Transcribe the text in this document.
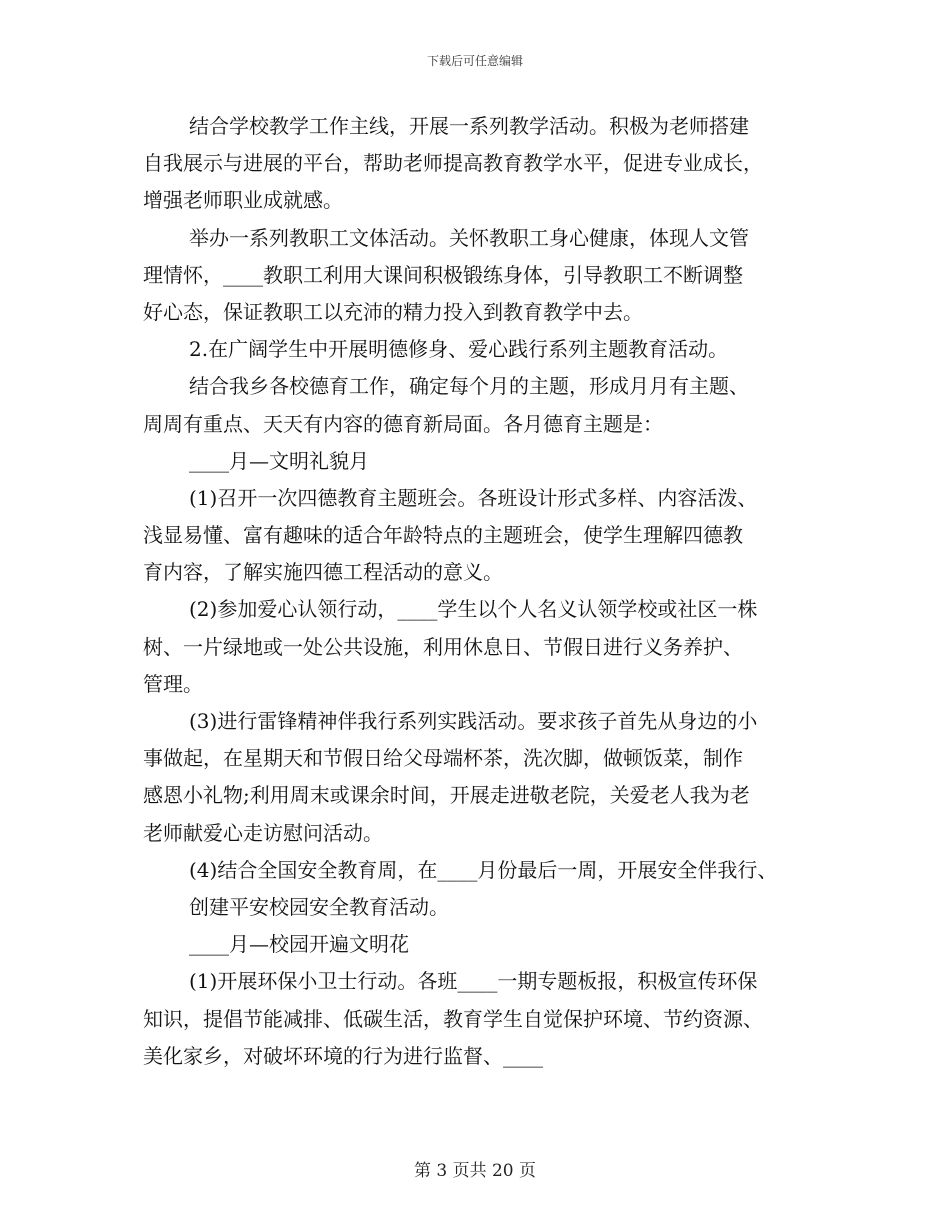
下载后可任意编辑
结合学校教学工作主线，开展一系列教学活动。积极为老师搭建
自我展示与进展的平台，帮助老师提高教育教学水平，促进专业成长，
增强老师职业成就感。
举办一系列教职工文体活动。关怀教职工身心健康，体现人文管
理情怀，____教职工利用大课间积极锻练身体，引导教职工不断调整
好心态，保证教职工以充沛的精力投入到教育教学中去。
2.在广阔学生中开展明德修身、爱心践行系列主题教育活动。
结合我乡各校德育工作，确定每个月的主题，形成月月有主题、
周周有重点、天天有内容的德育新局面。各月德育主题是：
____月—文明礼貌月
(1)召开一次四德教育主题班会。各班设计形式多样、内容活泼、
浅显易懂、富有趣味的适合年龄特点的主题班会，使学生理解四德教
育内容，了解实施四德工程活动的意义。
(2)参加爱心认领行动，____学生以个人名义认领学校或社区一株
树、一片绿地或一处公共设施，利用休息日、节假日进行义务养护、
管理。
(3)进行雷锋精神伴我行系列实践活动。要求孩子首先从身边的小
事做起，在星期天和节假日给父母端杯茶，洗次脚，做顿饭菜，制作
感恩小礼物;利用周末或课余时间，开展走进敬老院，关爱老人我为老
老师献爱心走访慰问活动。
(4)结合全国安全教育周，在____月份最后一周，开展安全伴我行、
创建平安校园安全教育活动。
____月—校园开遍文明花
(1)开展环保小卫士行动。各班____一期专题板报，积极宣传环保
知识，提倡节能减排、低碳生活，教育学生自觉保护环境、节约资源、
美化家乡，对破坏环境的行为进行监督、____
第 3 页共 20 页
